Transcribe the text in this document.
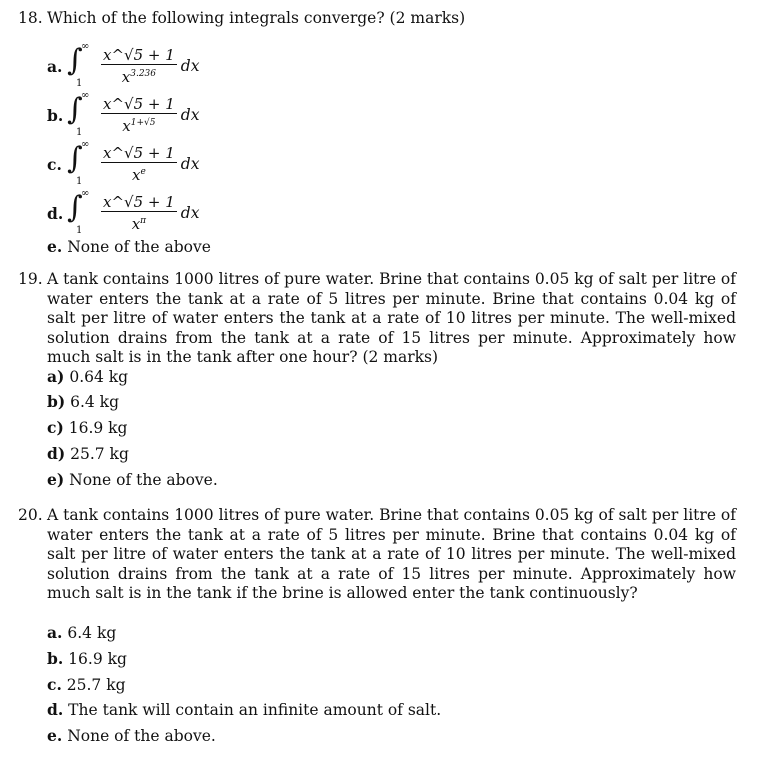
18. Which of the following integrals converge? (2 marks)
a. ∫
∞
$1 \frac{x\^{}√5 + 1}{x^{3.236}}$ dx
b. ∫
∞
$1 \frac{x\^{}√5 + 1}{x^{1+√5}}$ dx
c. ∫
∞
$1 \frac{x\^{}√5 + 1}{x^e}$ dx
d. ∫
∞
$1 \frac{x\^{}√5 + 1}{x^\pi}$ dx
e. None of the above
19. A tank contains 1000 litres of pure water. Brine that contains 0.05 kg of salt per litre of water enters the tank at a rate of 5 litres per minute. Brine that contains 0.04 kg of salt per litre of water enters the tank at a rate of 10 litres per minute. The well-mixed solution drains from the tank at a rate of 15 litres per minute. Approximately how much salt is in the tank after one hour? (2 marks)
a) 0.64 kg
b) 6.4 kg
c) 16.9 kg
d) 25.7 kg
e) None of the above.
20. A tank contains 1000 litres of pure water. Brine that contains 0.05 kg of salt per litre of water enters the tank at a rate of 5 litres per minute. Brine that contains 0.04 kg of salt per litre of water enters the tank at a rate of 10 litres per minute. The well-mixed solution drains from the tank at a rate of 15 litres per minute. Approximately how much salt is in the tank if the brine is allowed enter the tank continuously?
a. 6.4 kg
b. 16.9 kg
c. 25.7 kg
d. The tank will contain an infinite amount of salt.
e. None of the above.
